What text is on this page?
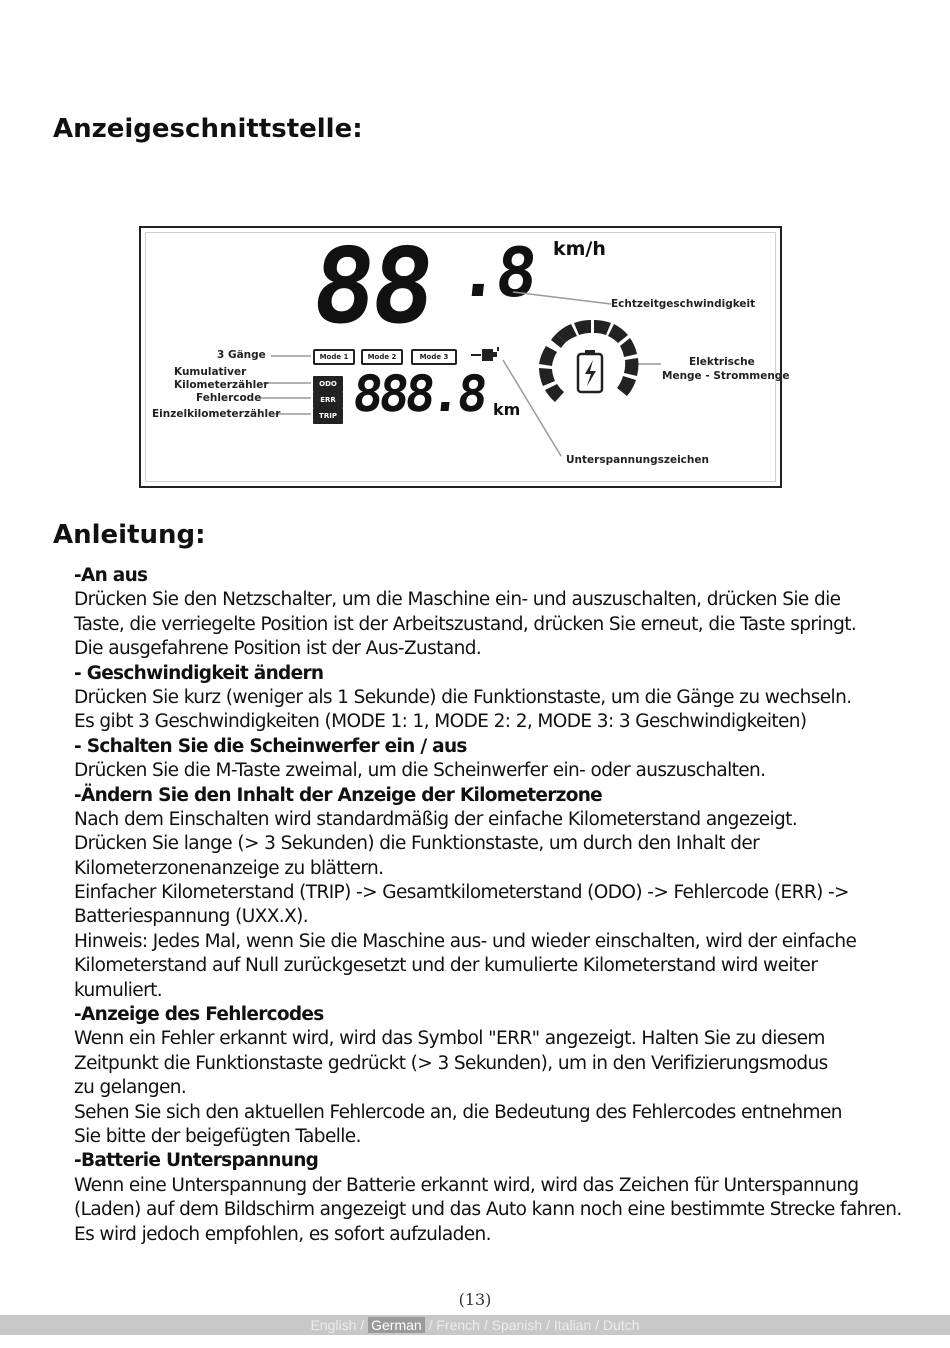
Anzeigeschnittstelle:
88 .8 km/h
888.8 km
Mode 1	Mode 2	Mode 3
ODO
ERR
TRIP
Echtzeitgeschwindigkeit
3 Gänge
Kumulativer
Kilometerzähler
Fehlercode
Einzelkilometerzähler
Elektrische
Menge - Strommenge
Unterspannungszeichen
Anleitung:
-An aus
Drücken Sie den Netzschalter, um die Maschine ein- und auszuschalten, drücken Sie die
Taste, die verriegelte Position ist der Arbeitszustand, drücken Sie erneut, die Taste springt.
Die ausgefahrene Position ist der Aus-Zustand.
- Geschwindigkeit ändern
Drücken Sie kurz (weniger als 1 Sekunde) die Funktionstaste, um die Gänge zu wechseln.
Es gibt 3 Geschwindigkeiten (MODE 1: 1, MODE 2: 2, MODE 3: 3 Geschwindigkeiten)
- Schalten Sie die Scheinwerfer ein / aus
Drücken Sie die M-Taste zweimal, um die Scheinwerfer ein- oder auszuschalten.
-Ändern Sie den Inhalt der Anzeige der Kilometerzone
Nach dem Einschalten wird standardmäßig der einfache Kilometerstand angezeigt.
Drücken Sie lange (> 3 Sekunden) die Funktionstaste, um durch den Inhalt der
Kilometerzonenanzeige zu blättern.
Einfacher Kilometerstand (TRIP) -> Gesamtkilometerstand (ODO) -> Fehlercode (ERR) ->
Batteriespannung (UXX.X).
Hinweis: Jedes Mal, wenn Sie die Maschine aus- und wieder einschalten, wird der einfache
Kilometerstand auf Null zurückgesetzt und der kumulierte Kilometerstand wird weiter
kumuliert.
-Anzeige des Fehlercodes
Wenn ein Fehler erkannt wird, wird das Symbol "ERR" angezeigt. Halten Sie zu diesem
Zeitpunkt die Funktionstaste gedrückt (> 3 Sekunden), um in den Verifizierungsmodus
zu gelangen.
Sehen Sie sich den aktuellen Fehlercode an, die Bedeutung des Fehlercodes entnehmen
Sie bitte der beigefügten Tabelle.
-Batterie Unterspannung
Wenn eine Unterspannung der Batterie erkannt wird, wird das Zeichen für Unterspannung
(Laden) auf dem Bildschirm angezeigt und das Auto kann noch eine bestimmte Strecke fahren.
Es wird jedoch empfohlen, es sofort aufzuladen.
(13)
English / German / French / Spanish / Italian / Dutch
